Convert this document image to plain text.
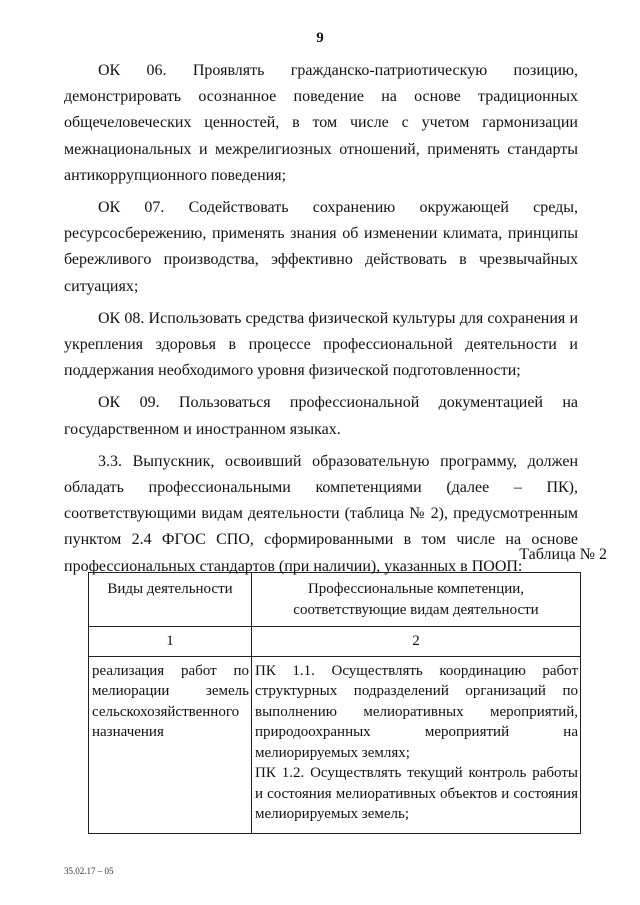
9

ОК 06. Проявлять гражданско-патриотическую позицию, демонстрировать осознанное поведение на основе традиционных общечеловеческих ценностей, в том числе с учетом гармонизации межнациональных и межрелигиозных отношений, применять стандарты антикоррупционного поведения;

ОК 07. Содействовать сохранению окружающей среды, ресурсосбережению, применять знания об изменении климата, принципы бережливого производства, эффективно действовать в чрезвычайных ситуациях;

ОК 08. Использовать средства физической культуры для сохранения и укрепления здоровья в процессе профессиональной деятельности и поддержания необходимого уровня физической подготовленности;

ОК 09. Пользоваться профессиональной документацией на государственном и иностранном языках.

3.3. Выпускник, освоивший образовательную программу, должен обладать профессиональными компетенциями (далее – ПК), соответствующими видам деятельности (таблица № 2), предусмотренным пунктом 2.4 ФГОС СПО, сформированными в том числе на основе профессиональных стандартов (при наличии), указанных в ПООП:

Таблица № 2
Виды деятельности	Профессиональные компетенции, соответствующие видам деятельности
1	2
реализация работ по мелиорации земель сельскохозяйственного назначения	ПК 1.1. Осуществлять координацию работ структурных подразделений организаций по выполнению мелиоративных мероприятий, природоохранных мероприятий на мелиорируемых землях;

ПК 1.2. Осуществлять текущий контроль работы и состояния мелиоративных объектов и состояния мелиорируемых земель;

35.02.17 – 05
